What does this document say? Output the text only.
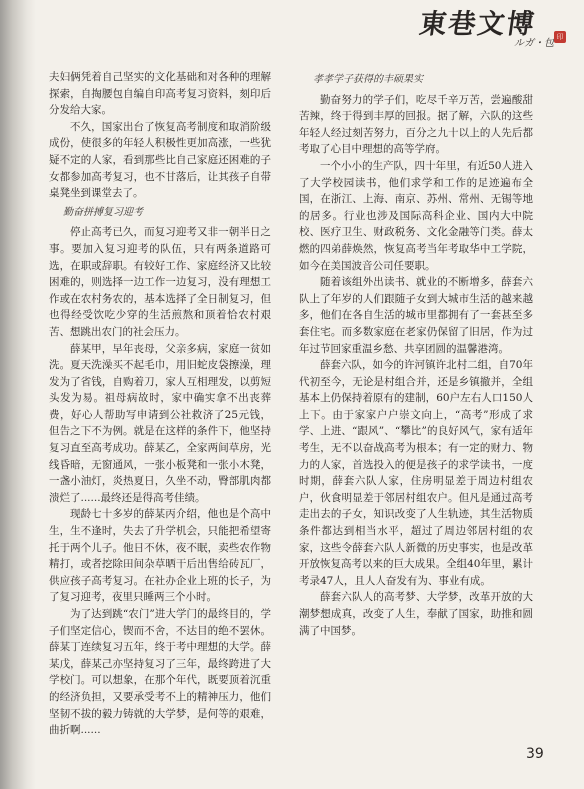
東巷文博
ルガ・包
印

夫妇俩凭着自己坚实的文化基础和对各种的理解探索，自掏腰包自编自印高考复习资料，刻印后分发给大家。

不久，国家出台了恢复高考制度和取消阶级成份，使很多的年轻人积极性更加高涨，一些犹疑不定的人家，看到那些比自己家庭还困难的子女都参加高考复习，也不甘落后，让其孩子自带桌凳坐到课堂去了。

勤奋拼搏复习迎考

停止高考已久，而复习迎考又非一朝半日之事。要加入复习迎考的队伍，只有两条道路可选，在职或辞职。有较好工作、家庭经济又比较困难的，则选择一边工作一边复习，没有理想工作或在农村务农的，基本选择了全日制复习，但也得经受饮吃少穿的生活煎熬和顶着恰农村艰苦、想跳出农门的社会压力。

薛某甲，早年丧母，父亲多病，家庭一贫如洗。夏天洗澡买不起毛巾，用旧蛇皮袋擦澡，理发为了省钱，自购着刀，家人互相理发，以剪短头发为易。祖母病故时，家中确实拿不出丧葬费，好心人帮助写申请到公社救济了25元钱，但告之下不为例。就是在这样的条件下，他坚持复习直至高考成功。薛某乙，全家两间草房，光线昏暗，无窗通风，一张小板凳和一张小木凳，一盏小油灯，炎热夏日，久坐不动，臀部肌肉都溃烂了......最终还是得高考佳绩。

现龄七十多岁的薛某丙介绍，他也是个高中生，生不逢时，失去了升学机会，只能把希望寄托于两个儿子。他日不休，夜不眠，卖些农作物精打，或者挖除田间杂草晒干后出售给砖瓦厂，供应孩子高考复习。在社办企业上班的长子，为了复习迎考，夜里只睡两三个小时。

为了达到跳“农门”进大学门的最终目的，学子们坚定信心，锲而不舍，不达目的绝不罢休。薛某丁连续复习五年，终于考中理想的大学。薛某戊，薛某己亦坚持复习了三年，最终跨进了大学校门。可以想象，在那个年代，既要顶着沉重的经济负担，又要承受考不上的精神压力，他们坚韧不拔的毅力铸就的大学梦，是何等的艰难，曲折啊......

孝孝学子获得的丰硕果实

勤奋努力的学子们，吃尽千辛万苦，尝遍酸甜苦辣，终于得到丰厚的回报。据了解，六队的这些年轻人经过刻苦努力，百分之九十以上的人先后都考取了心目中理想的高等学府。

一个小小的生产队，四十年里，有近50人进入了大学校园读书，他们求学和工作的足迹遍布全国，在浙江、上海、南京、苏州、常州、无锡等地的居多。行业也涉及国际高科企业、国内大中院校、医疗卫生、财政税务、文化金融等门类。薛太燃的四弟薛焕然，恢复高考当年考取华中工学院，如今在美国波音公司任要职。

随着该组外出读书、就业的不断增多，薛套六队上了年岁的人们跟随子女到大城市生活的越来越多，他们在各自生活的城市里都拥有了一套甚至多套住宅。而多数家庭在老家仍保留了旧居，作为过年过节回家重温乡愁、共享团圆的温馨港湾。

薛套六队，如今的许河镇许北村二组，自70年代初至今，无论是村组合并，还是乡镇撤并，全组基本上仍保持着原有的建制，60户左右人口150人上下。由于家家户户崇文向上，“高考”形成了求学、上进、“跟风”、“攀比”的良好风气，家有适年考生，无不以奋战高考为根本；有一定的财力、物力的人家，首选投入的便是孩子的求学读书，一度时期，薛套六队人家，住房明显差于周边村组农户，伙食明显差于邻居村组农户。但凡是通过高考走出去的子女，知识改变了人生轨迹，其生活物质条件都达到相当水平，超过了周边邻居村组的农家，这些令薛套六队人新微的历史事实，也是改革开放恢复高考以来的巨大成果。全组40年里，累计考录47人，且人人奋发有为、事业有成。

薛套六队人的高考梦、大学梦，改革开放的大潮梦想成真，改变了人生，奉献了国家，助推和圆满了中国梦。

39
